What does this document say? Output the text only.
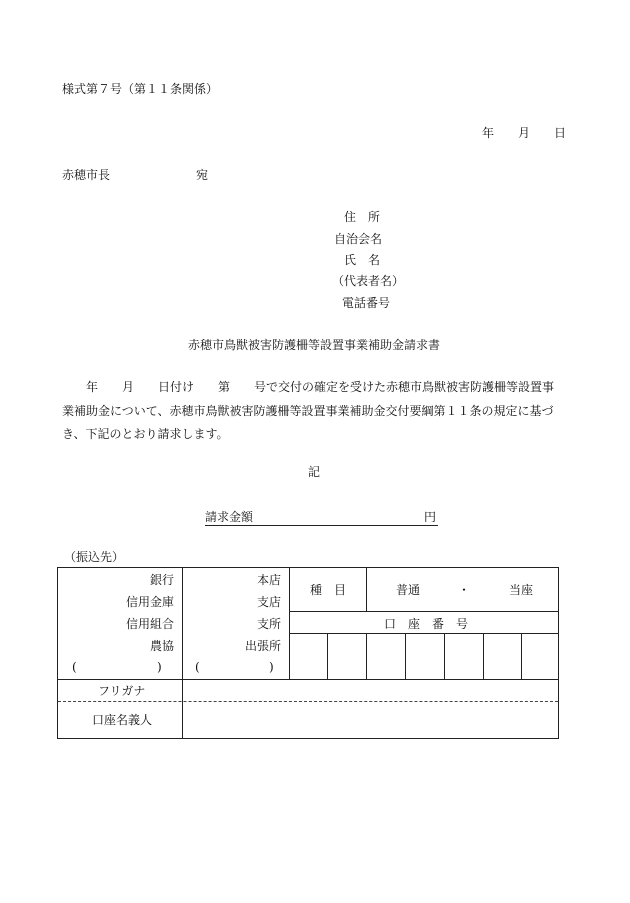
様式第７号（第１１条関係）
年　　月　　日
赤穂市長	宛
住　所
自治会名
氏　名
（代表者名）
電話番号
赤穂市鳥獣被害防護柵等設置事業補助金請求書
年　　月　　日付け　　第　　号で交付の確定を受けた赤穂市鳥獣被害防護柵等設置事
業補助金について、赤穂市鳥獣被害防護柵等設置事業補助金交付要綱第１１条の規定に基づ
き、下記のとおり請求します。
記
請求金額	円
（振込先）
銀行
信用金庫
信用組合
農協
(	)
本店
支店
支所
出張所
(	)
種　目	普通	・	当座
口　座　番　号
フリガナ
口座名義人
